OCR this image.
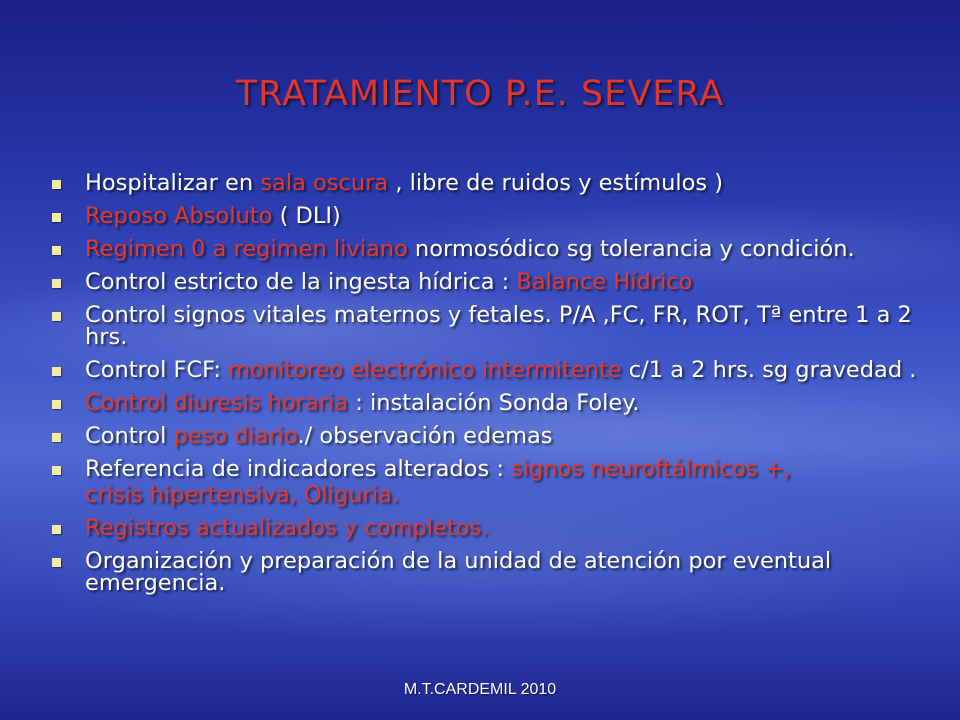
TRATAMIENTO P.E. SEVERA
Hospitalizar en sala oscura , libre de ruidos y estímulos )
Reposo Absoluto ( DLI)
Regimen 0 a regimen liviano normosódico sg tolerancia y condición.
Control estricto de la ingesta hídrica : Balance Hídrico
Control signos vitales maternos y fetales. P/A ,FC, FR, ROT, Tª entre 1 a 2 hrs.
Control FCF: monitoreo electrónico intermitente c/1 a 2 hrs. sg gravedad .
Control diuresis horaria : instalación Sonda Foley.
Control peso diario./ observación edemas
Referencia de indicadores alterados : signos neuroftálmicos +,
crisis hipertensiva, Oliguria.
Registros actualizados y completos.
Organización y preparación de la unidad de atención por eventual emergencia.
M.T.CARDEMIL 2010
